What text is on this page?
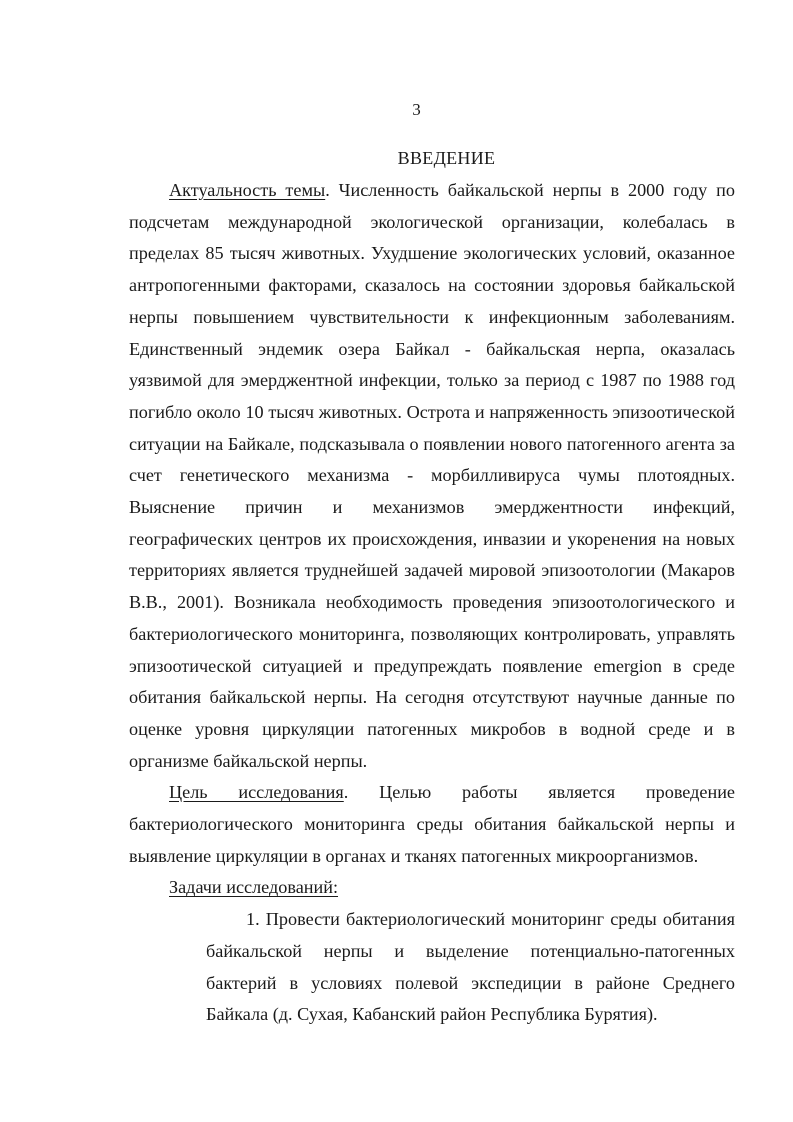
3
ВВЕДЕНИЕ

Актуальность темы. Численность байкальской нерпы в 2000 году по подсчетам международной экологической организации, колебалась в пределах 85 тысяч животных. Ухудшение экологических условий, оказанное антропогенными факторами, сказалось на состоянии здоровья байкальской нерпы повышением чувствительности к инфекционным заболеваниям. Единственный эндемик озера Байкал - байкальская нерпа, оказалась уязвимой для эмерджентной инфекции, только за период с 1987 по 1988 год погибло около 10 тысяч животных. Острота и напряженность эпизоотической ситуации на Байкале, подсказывала о появлении нового патогенного агента за счет генетического механизма - морбилливируса чумы плотоядных. Выяснение причин и механизмов эмерджентности инфекций, географических центров их происхождения, инвазии и укоренения на новых территориях является труднейшей задачей мировой эпизоотологии (Макаров В.В., 2001). Возникала необходимость проведения эпизоотологического и бактериологического мониторинга, позволяющих контролировать, управлять эпизоотической ситуацией и предупреждать появление emergion в среде обитания байкальской нерпы. На сегодня отсутствуют научные данные по оценке уровня циркуляции патогенных микробов в водной среде и в организме байкальской нерпы.

Цель исследования. Целью работы является проведение бактериологического мониторинга среды обитания байкальской нерпы и выявление циркуляции в органах и тканях патогенных микроорганизмов.

Задачи исследований:

1. Провести бактериологический мониторинг среды обитания байкальской нерпы и выделение потенциально-патогенных бактерий в условиях полевой экспедиции в районе Среднего Байкала (д. Сухая, Кабанский район Республика Бурятия).
